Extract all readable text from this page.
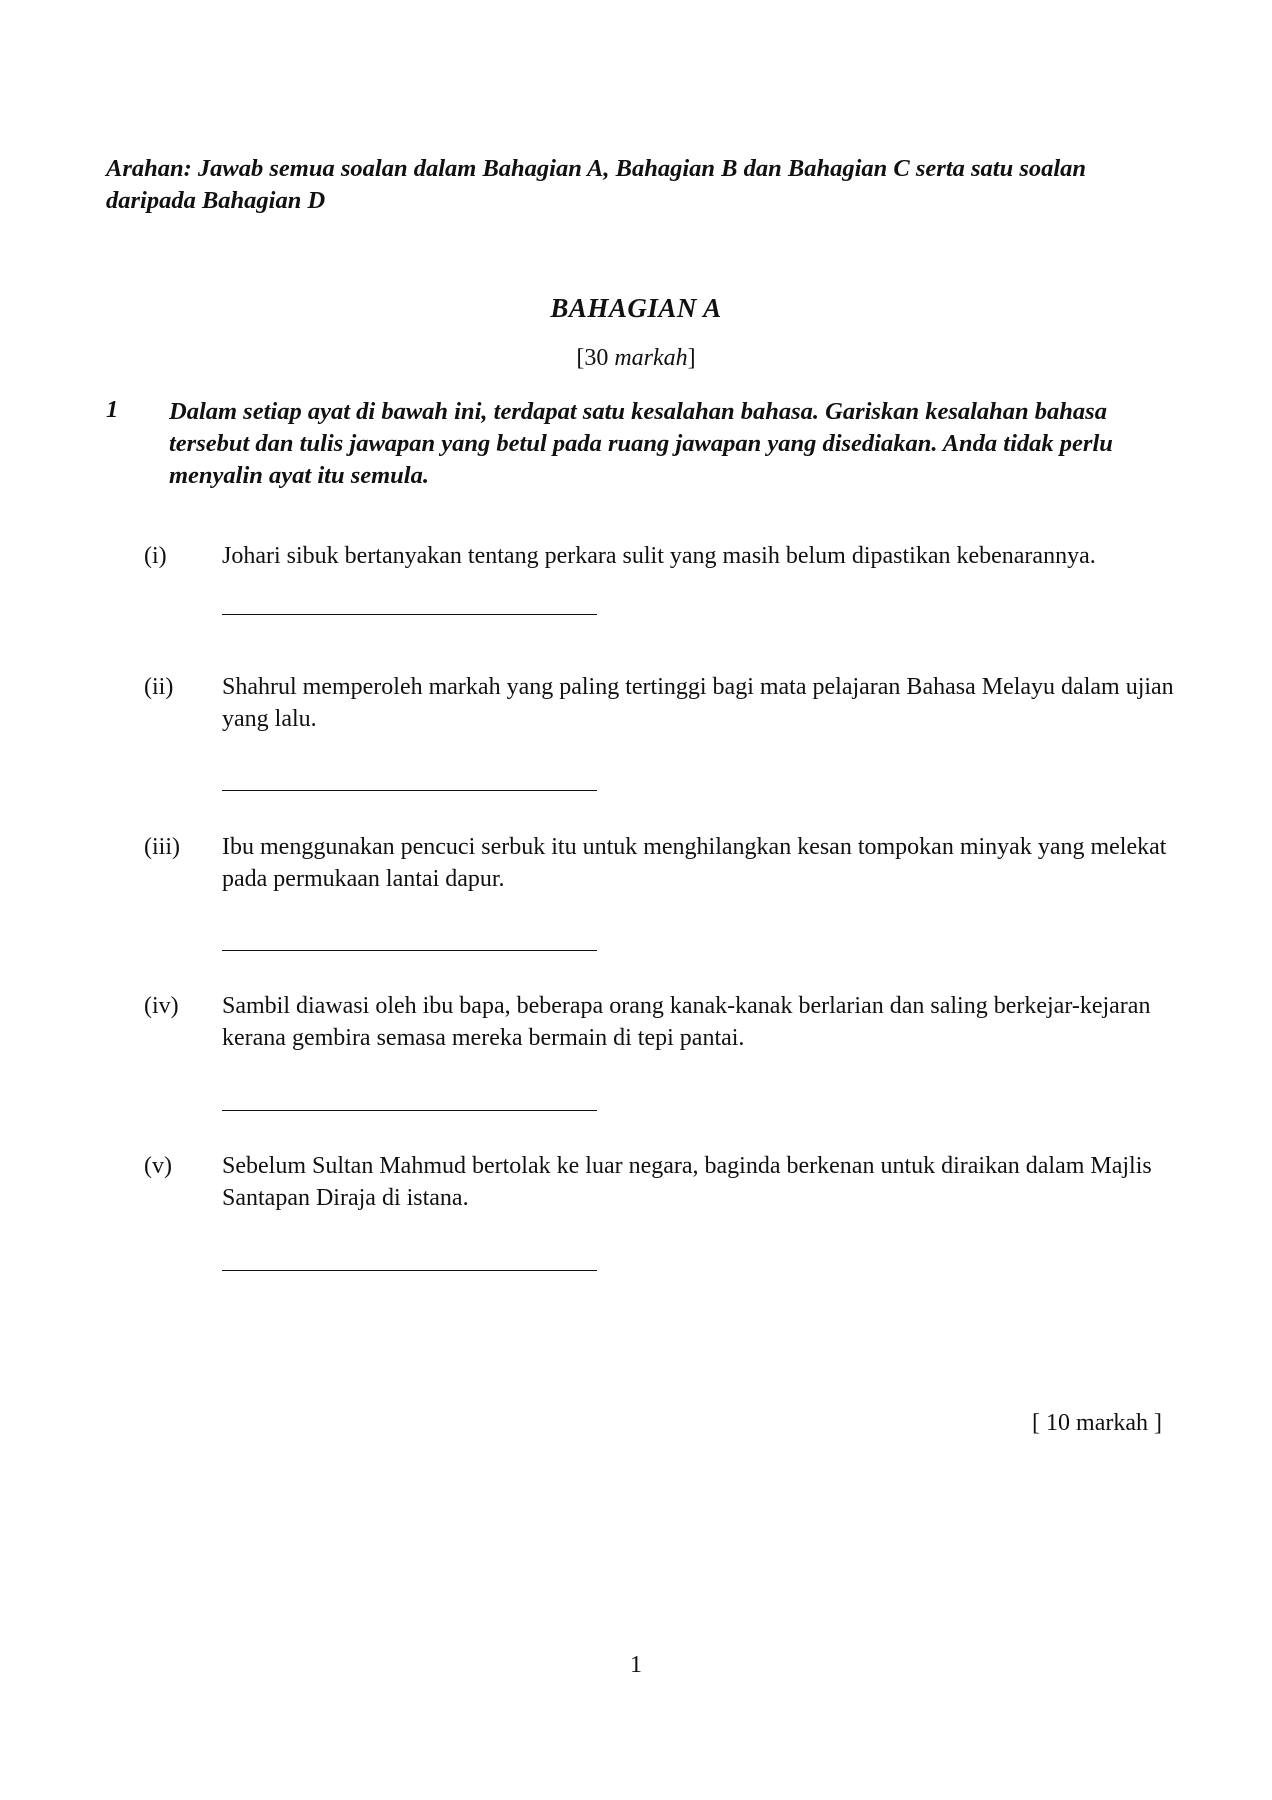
Arahan: Jawab semua soalan dalam Bahagian A, Bahagian B dan Bahagian C serta satu soalan daripada Bahagian D
BAHAGIAN A
[30 markah]
1 Dalam setiap ayat di bawah ini, terdapat satu kesalahan bahasa. Gariskan kesalahan bahasa tersebut dan tulis jawapan yang betul pada ruang jawapan yang disediakan. Anda tidak perlu menyalin ayat itu semula.
(i) Johari sibuk bertanyakan tentang perkara sulit yang masih belum dipastikan kebenarannya.
(ii) Shahrul memperoleh markah yang paling tertinggi bagi mata pelajaran Bahasa Melayu dalam ujian yang lalu.
(iii) Ibu menggunakan pencuci serbuk itu untuk menghilangkan kesan tompokan minyak yang melekat pada permukaan lantai dapur.
(iv) Sambil diawasi oleh ibu bapa, beberapa orang kanak-kanak berlarian dan saling berkejar-kejaran kerana gembira semasa mereka bermain di tepi pantai.
(v) Sebelum Sultan Mahmud bertolak ke luar negara, baginda berkenan untuk diraikan dalam Majlis Santapan Diraja di istana.
[ 10 markah ]
1
